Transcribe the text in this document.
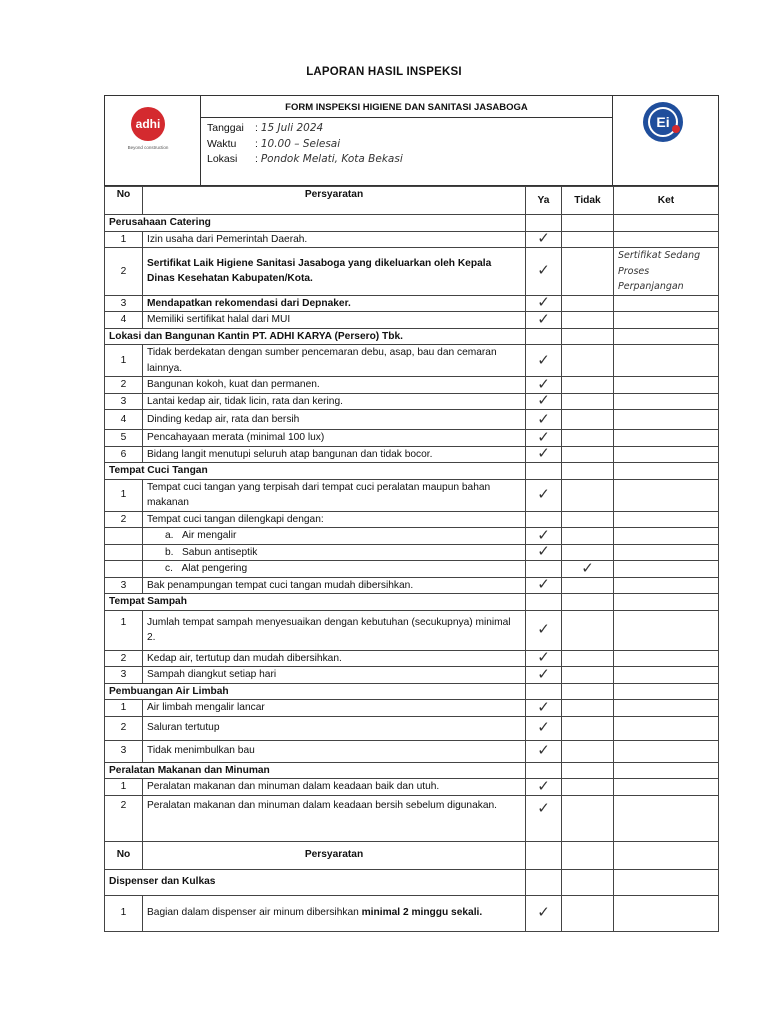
LAPORAN HASIL INSPEKSI
adhi
Beyond construction

FORM INSPEKSI HIGIENE DAN SANITASI JASABOGA
Tanggai : 15 Juli 2024
Waktu : 10.00 – Selesai
Lokasi : Pondok Melati, Kota Bekasi

Ei
No	Persyaratan	Ya	Tidak	Ket
Perusahaan Catering				
1	Izin usaha dari Pemerintah Daerah.	✓		
2	Sertifikat Laik Higiene Sanitasi Jasaboga yang dikeluarkan oleh Kepala Dinas Kesehatan Kabupaten/Kota.	✓		Sertifikat Sedang Proses Perpanjangan
3	Mendapatkan rekomendasi dari Depnaker.	✓		
4	Memiliki sertifikat halal dari MUI	✓		
Lokasi dan Bangunan Kantin PT. ADHI KARYA (Persero) Tbk.				
1	Tidak berdekatan dengan sumber pencemaran debu, asap, bau dan cemaran lainnya.	✓		
2	Bangunan kokoh, kuat dan permanen.	✓		
3	Lantai kedap air, tidak licin, rata dan kering.	✓		
4	Dinding kedap air, rata dan bersih	✓		
5	Pencahayaan merata (minimal 100 lux)	✓		
6	Bidang langit menutupi seluruh atap bangunan dan tidak bocor.	✓		
Tempat Cuci Tangan				
1	Tempat cuci tangan yang terpisah dari tempat cuci peralatan maupun bahan makanan	✓		
2	Tempat cuci tangan dilengkapi dengan:			
	a. Air mengalir	✓		
	b. Sabun antiseptik	✓		
	c. Alat pengering		✓	
3	Bak penampungan tempat cuci tangan mudah dibersihkan.	✓		
Tempat Sampah				
1	Jumlah tempat sampah menyesuaikan dengan kebutuhan (secukupnya) minimal 2.	✓		
2	Kedap air, tertutup dan mudah dibersihkan.	✓		
3	Sampah diangkut setiap hari	✓		
Pembuangan Air Limbah				
1	Air limbah mengalir lancar	✓		
2	Saluran tertutup	✓		
3	Tidak menimbulkan bau	✓		
Peralatan Makanan dan Minuman				
1	Peralatan makanan dan minuman dalam keadaan baik dan utuh.	✓		
2	Peralatan makanan dan minuman dalam keadaan bersih sebelum digunakan.	✓		
No	Persyaratan			
Dispenser dan Kulkas				
1	Bagian dalam dispenser air minum dibersihkan minimal 2 minggu sekali.	✓		
